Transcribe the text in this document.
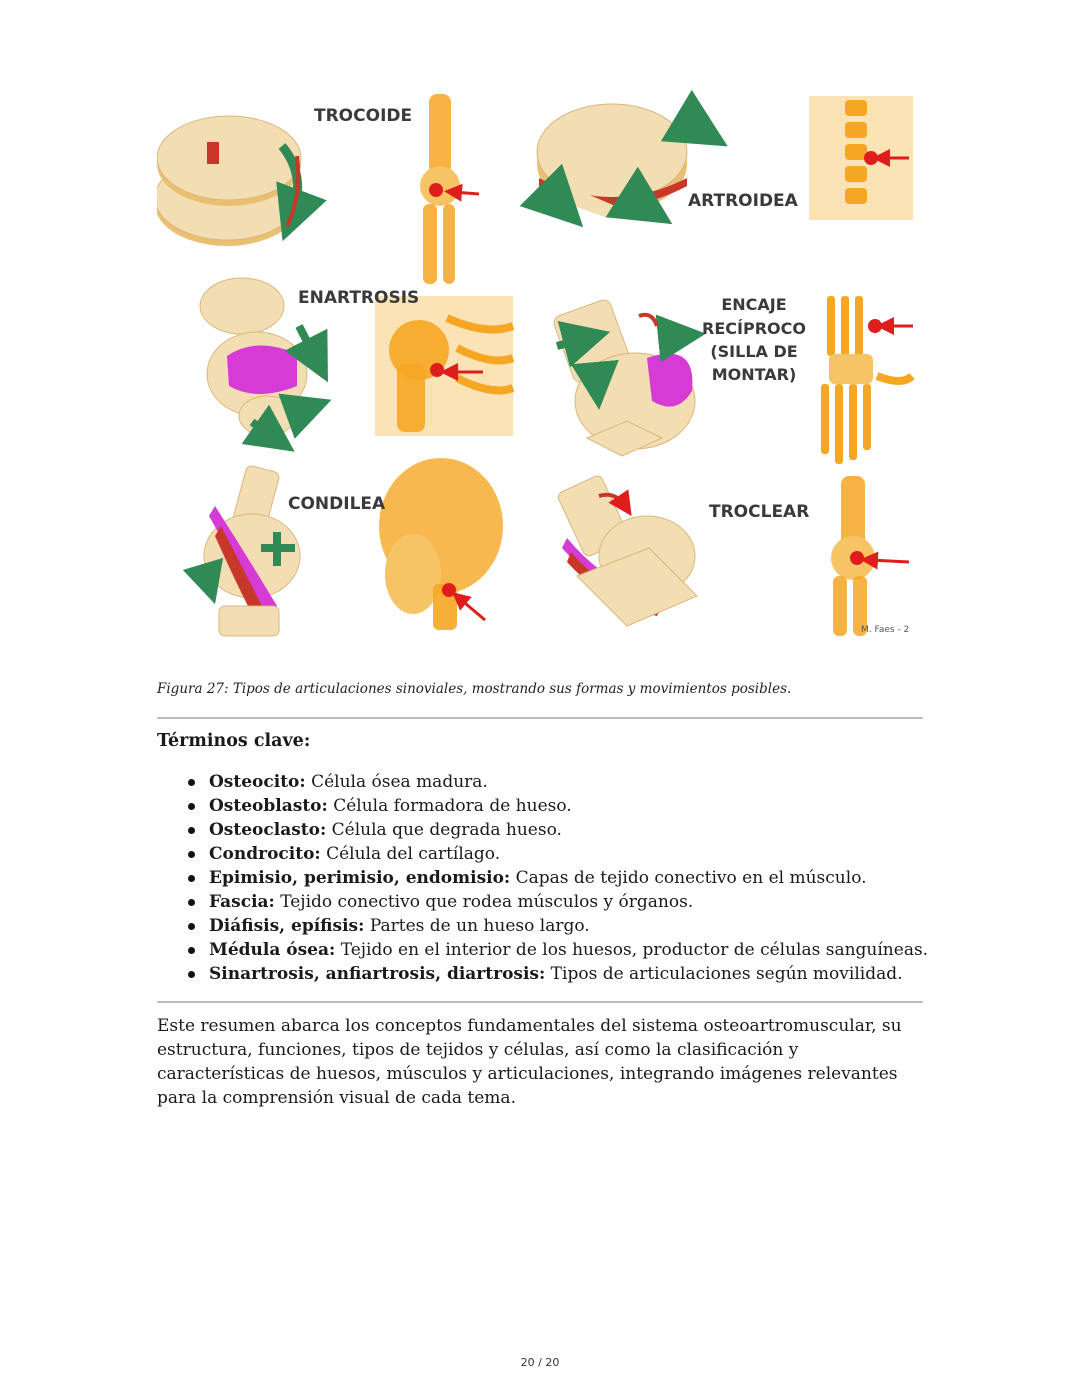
TROCOIDE
ARTROIDEA
ENARTROSIS	ENCAJE
RECÍPROCO
(SILLA DE
MONTAR)
CONDILEA	TROCLEAR
M. Faes - 2
Figura 27: Tipos de articulaciones sinoviales, mostrando sus formas y movimientos posibles.
Términos clave:
Osteocito: Célula ósea madura.
Osteoblasto: Célula formadora de hueso.
Osteoclasto: Célula que degrada hueso.
Condrocito: Célula del cartílago.
Epimisio, perimisio, endomisio: Capas de tejido conectivo en el músculo.
Fascia: Tejido conectivo que rodea músculos y órganos.
Diáfisis, epífisis: Partes de un hueso largo.
Médula ósea: Tejido en el interior de los huesos, productor de células sanguíneas.
Sinartrosis, anfiartrosis, diartrosis: Tipos de articulaciones según movilidad.
Este resumen abarca los conceptos fundamentales del sistema osteoartromuscular, su estructura, funciones, tipos de tejidos y células, así como la clasificación y características de huesos, músculos y articulaciones, integrando imágenes relevantes para la comprensión visual de cada tema.
20 / 20
